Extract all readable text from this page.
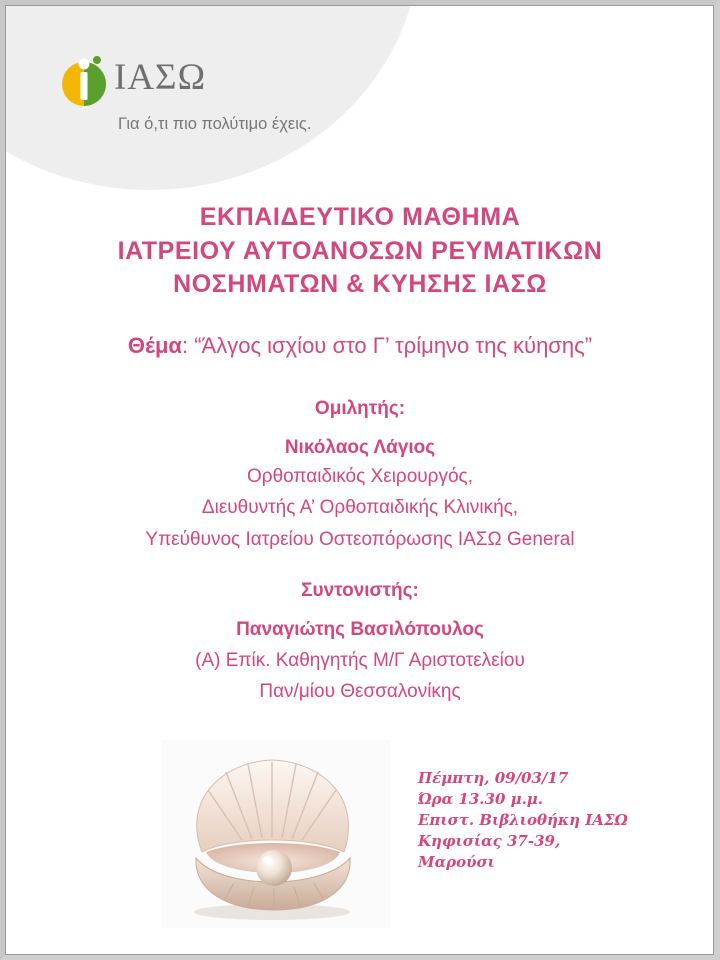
ΙΑΣΩ
Για ό,τι πιο πολύτιμο έχεις.
ΕΚΠΑΙΔΕΥΤΙΚΟ ΜΑΘΗΜΑ
ΙΑΤΡΕΙΟΥ ΑΥΤΟΑΝΟΣΩΝ ΡΕΥΜΑΤΙΚΩΝ
ΝΟΣΗΜΑΤΩΝ & ΚΥΗΣΗΣ ΙΑΣΩ
Θέμα: “Άλγος ισχίου στο Γ’ τρίμηνο της κύησης”
Ομιλητής:
Νικόλαος Λάγιος
Ορθοπαιδικός Χειρουργός,
Διευθυντής Α’ Ορθοπαιδικής Κλινικής,
Υπεύθυνος Ιατρείου Οστεοπόρωσης ΙΑΣΩ General
Συντονιστής:
Παναγιώτης Βασιλόπουλος
(Α) Επίκ. Καθηγητής Μ/Γ Αριστοτελείου
Παν/μίου Θεσσαλονίκης
Πέμπτη, 09/03/17
Ώρα 13.30 μ.μ.
Επιστ. Βιβλιοθήκη ΙΑΣΩ
Κηφισίας 37-39,
Μαρούσι
